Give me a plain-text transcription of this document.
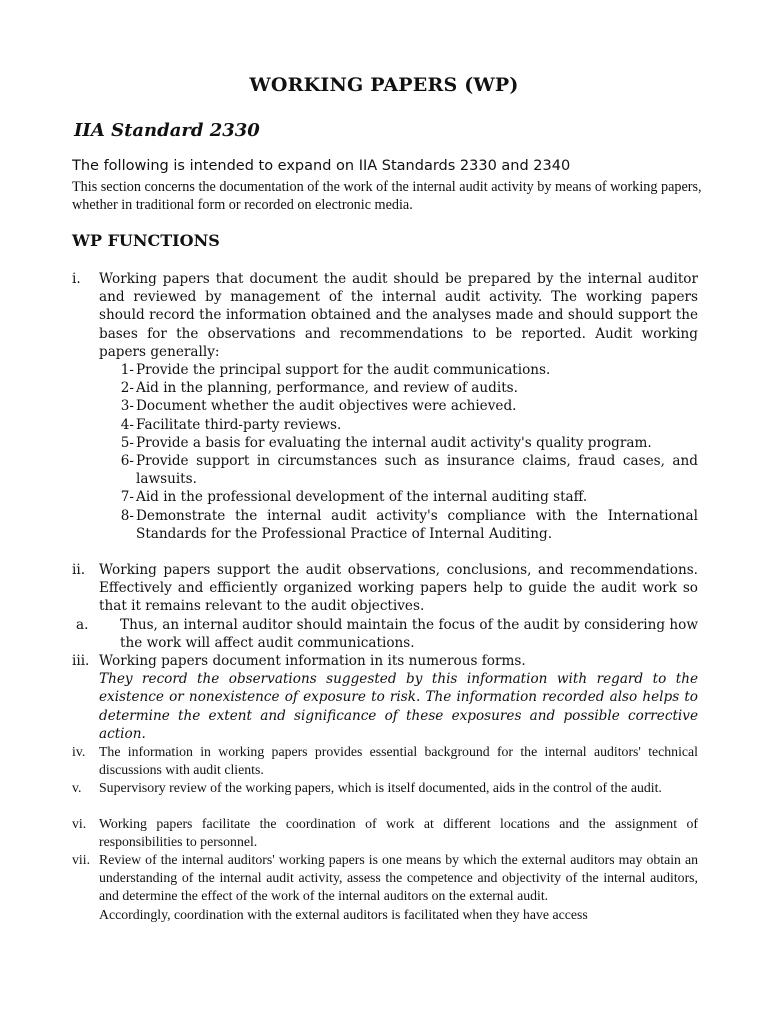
WORKING PAPERS (WP)
IIA Standard 2330
The following is intended to expand on IIA Standards 2330 and 2340
This section concerns the documentation of the work of the internal audit activity by means of working papers, whether in traditional form or recorded on electronic media.
WP FUNCTIONS
i. Working papers that document the audit should be prepared by the internal auditor and reviewed by management of the internal audit activity. The working papers should record the information obtained and the analyses made and should support the bases for the observations and recommendations to be reported. Audit working papers generally:
1- Provide the principal support for the audit communications.
2- Aid in the planning, performance, and review of audits.
3- Document whether the audit objectives were achieved.
4- Facilitate third-party reviews.
5- Provide a basis for evaluating the internal audit activity's quality program.
6- Provide support in circumstances such as insurance claims, fraud cases, and lawsuits.
7- Aid in the professional development of the internal auditing staff.
8- Demonstrate the internal audit activity's compliance with the International Standards for the Professional Practice of Internal Auditing.
ii. Working papers support the audit observations, conclusions, and recommendations. Effectively and efficiently organized working papers help to guide the audit work so that it remains relevant to the audit objectives.
a. Thus, an internal auditor should maintain the focus of the audit by considering how the work will affect audit communications.
iii. Working papers document information in its numerous forms.
They record the observations suggested by this information with regard to the existence or nonexistence of exposure to risk. The information recorded also helps to determine the extent and significance of these exposures and possible corrective action.
iv. The information in working papers provides essential background for the internal auditors' technical discussions with audit clients.
v. Supervisory review of the working papers, which is itself documented, aids in the control of the audit.
vi. Working papers facilitate the coordination of work at different locations and the assignment of responsibilities to personnel.
vii. Review of the internal auditors' working papers is one means by which the external auditors may obtain an understanding of the internal audit activity, assess the competence and objectivity of the internal auditors, and determine the effect of the work of the internal auditors on the external audit.
Accordingly, coordination with the external auditors is facilitated when they have access
